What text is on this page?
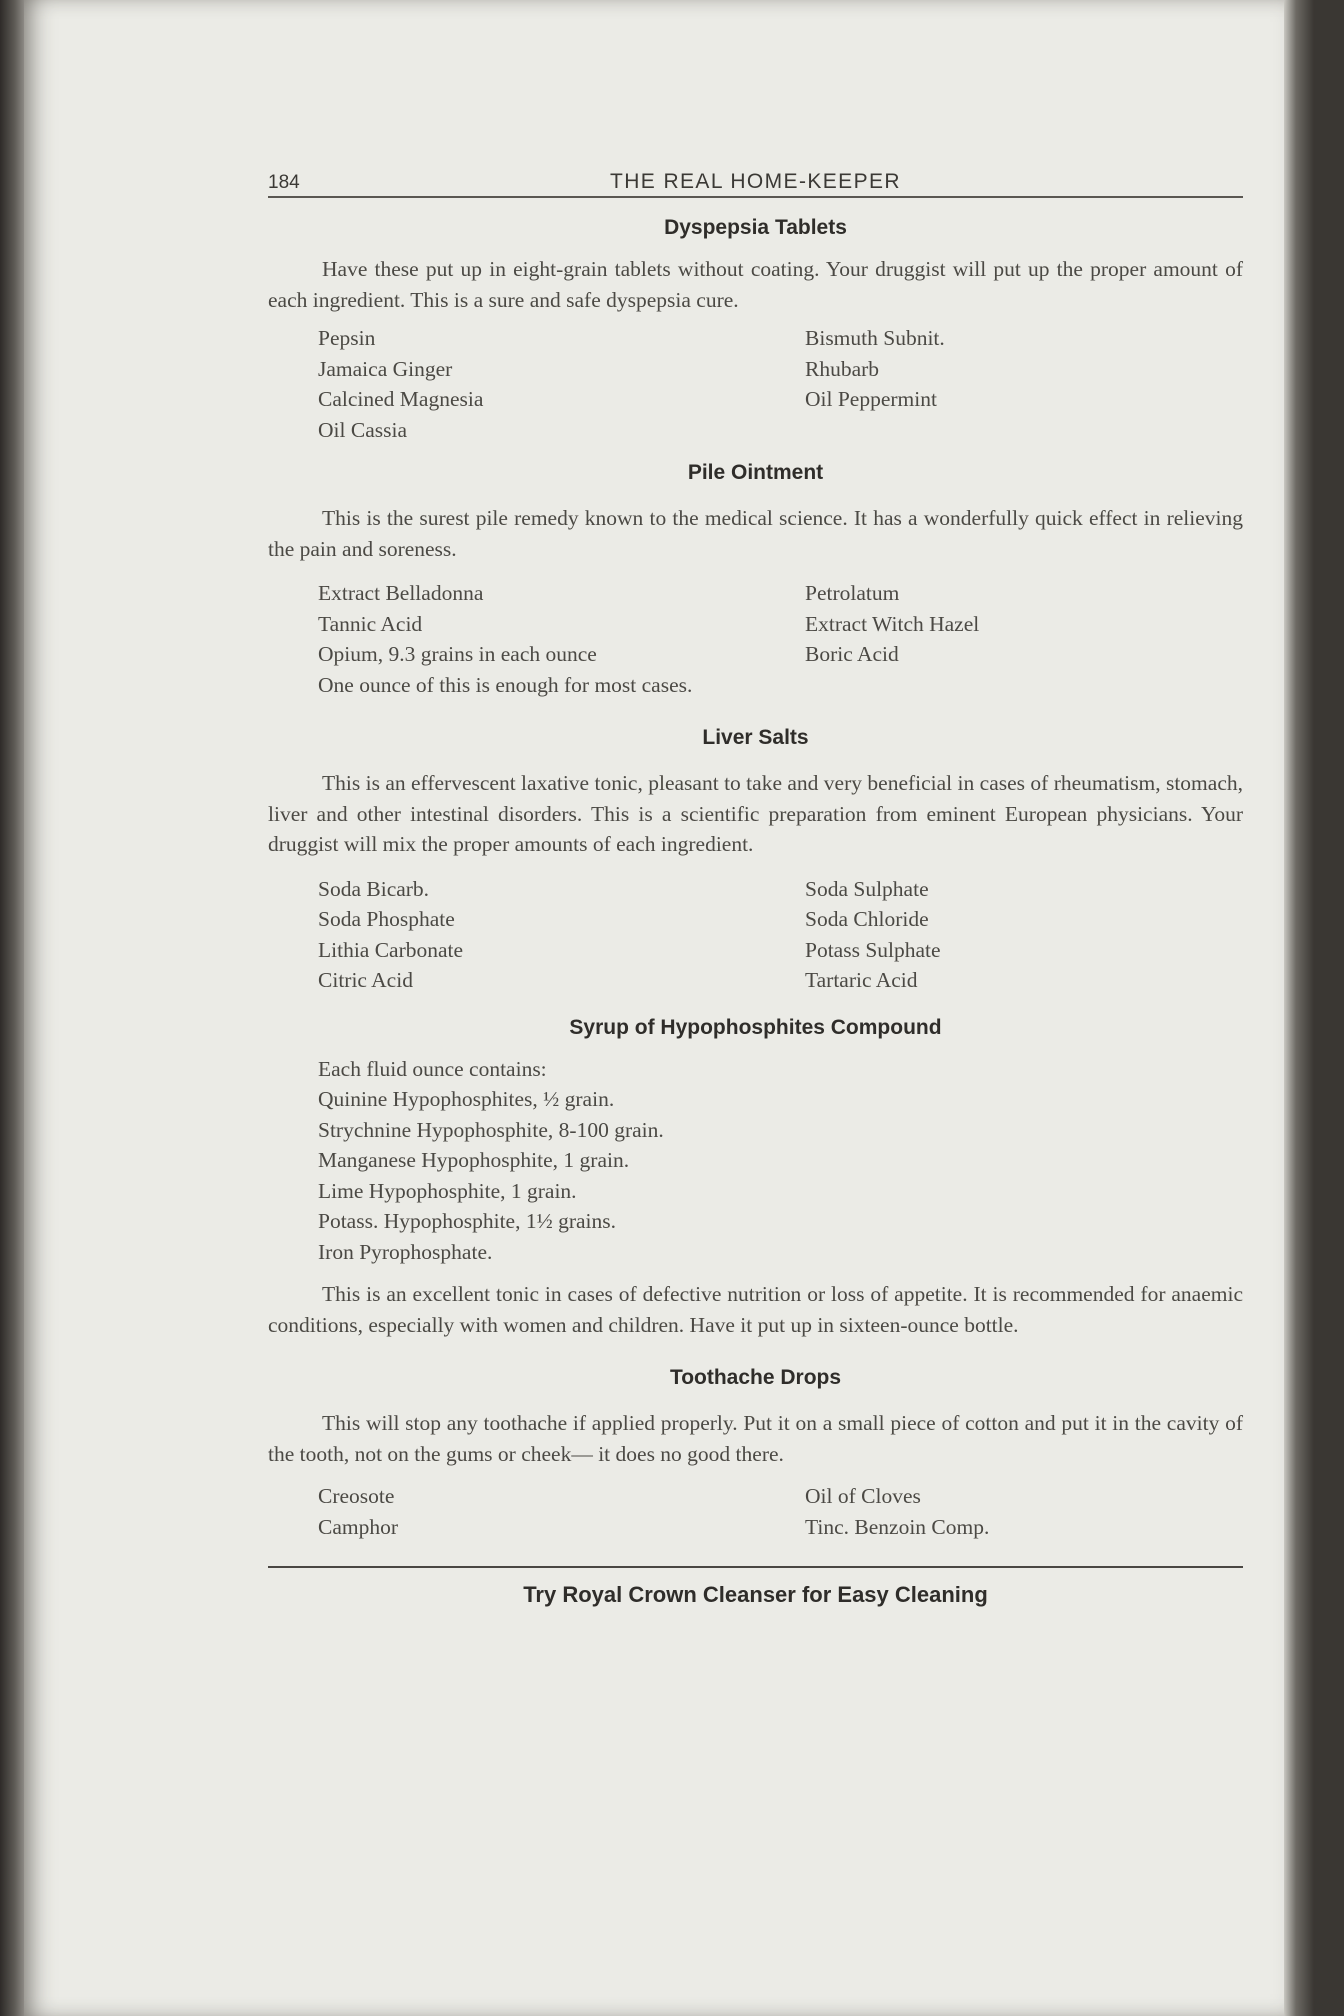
184	THE REAL HOME-KEEPER
Dyspepsia Tablets

Have these put up in eight-grain tablets without coating. Your druggist will put up the proper amount of each ingredient. This is a sure and safe dyspepsia cure.

Pepsin
Jamaica Ginger
Calcined Magnesia
Oil Cassia
Bismuth Subnit.
Rhubarb
Oil Peppermint
Pile Ointment

This is the surest pile remedy known to the medical science. It has a wonderfully quick effect in relieving the pain and soreness.

Extract Belladonna
Tannic Acid
Opium, 9.3 grains in each ounce
Petrolatum
Extract Witch Hazel
Boric Acid
One ounce of this is enough for most cases.
Liver Salts

This is an effervescent laxative tonic, pleasant to take and very beneficial in cases of rheumatism, stomach, liver and other intestinal disorders. This is a scientific preparation from eminent European physicians. Your druggist will mix the proper amounts of each ingredient.

Soda Bicarb.
Soda Phosphate
Lithia Carbonate
Citric Acid
Soda Sulphate
Soda Chloride
Potass Sulphate
Tartaric Acid
Syrup of Hypophosphites Compound
Each fluid ounce contains:
Quinine Hypophosphites, ½ grain.
Strychnine Hypophosphite, 8-100 grain.
Manganese Hypophosphite, 1 grain.
Lime Hypophosphite, 1 grain.
Potass. Hypophosphite, 1½ grains.
Iron Pyrophosphate.

This is an excellent tonic in cases of defective nutrition or loss of appetite. It is recommended for anaemic conditions, especially with women and children. Have it put up in sixteen-ounce bottle.

Toothache Drops

This will stop any toothache if applied properly. Put it on a small piece of cotton and put it in the cavity of the tooth, not on the gums or cheek— it does no good there.

Creosote
Camphor
Oil of Cloves
Tinc. Benzoin Comp.
Try Royal Crown Cleanser for Easy Cleaning
